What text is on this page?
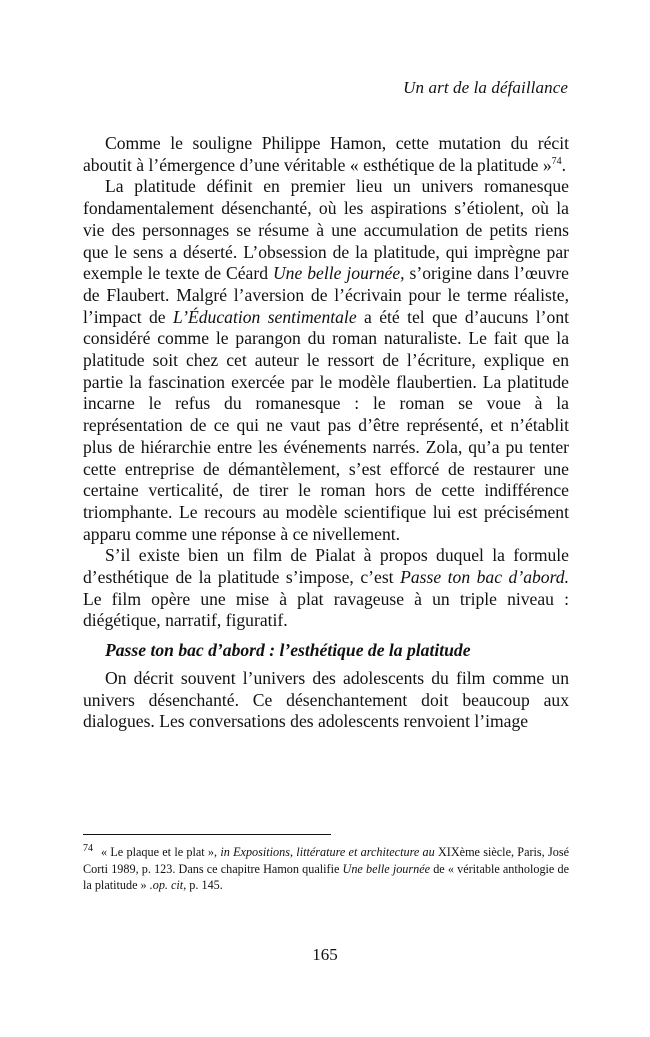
Un art de la défaillance

Comme le souligne Philippe Hamon, cette mutation du récit aboutit à l’émergence d’une véritable « esthétique de la platitude »$^{74}$.

La platitude définit en premier lieu un univers romanesque fondamentalement désenchanté, où les aspirations s’étiolent, où la vie des personnages se résume à une accumulation de petits riens que le sens a déserté. L’obsession de la platitude, qui imprègne par exemple le texte de Céard Une belle journée, s’origine dans l’œuvre de Flaubert. Malgré l’aversion de l’écrivain pour le terme réaliste, l’impact de L’Éducation sentimentale a été tel que d’aucuns l’ont considéré comme le parangon du roman naturaliste. Le fait que la platitude soit chez cet auteur le ressort de l’écriture, explique en partie la fascination exercée par le modèle flaubertien. La platitude incarne le refus du romanesque : le roman se voue à la représentation de ce qui ne vaut pas d’être représenté, et n’établit plus de hiérarchie entre les événements narrés. Zola, qu’a pu tenter cette entreprise de démantèlement, s’est efforcé de restaurer une certaine verticalité, de tirer le roman hors de cette indifférence triomphante. Le recours au modèle scientifique lui est précisément apparu comme une réponse à ce nivellement.

S’il existe bien un film de Pialat à propos duquel la formule d’esthétique de la platitude s’impose, c’est Passe ton bac d’abord. Le film opère une mise à plat ravageuse à un triple niveau : diégétique, narratif, figuratif.

Passe ton bac d’abord : l’esthétique de la platitude

On décrit souvent l’univers des adolescents du film comme un univers désenchanté. Ce désenchantement doit beaucoup aux dialogues. Les conversations des adolescents renvoient l’image

$^{74}$ « Le plaque et le plat », in Expositions, littérature et architecture au XIXème siècle, Paris, José Corti 1989, p. 123. Dans ce chapitre Hamon qualifie Une belle journée de « véritable anthologie de la platitude » .op. cit, p. 145.
165
